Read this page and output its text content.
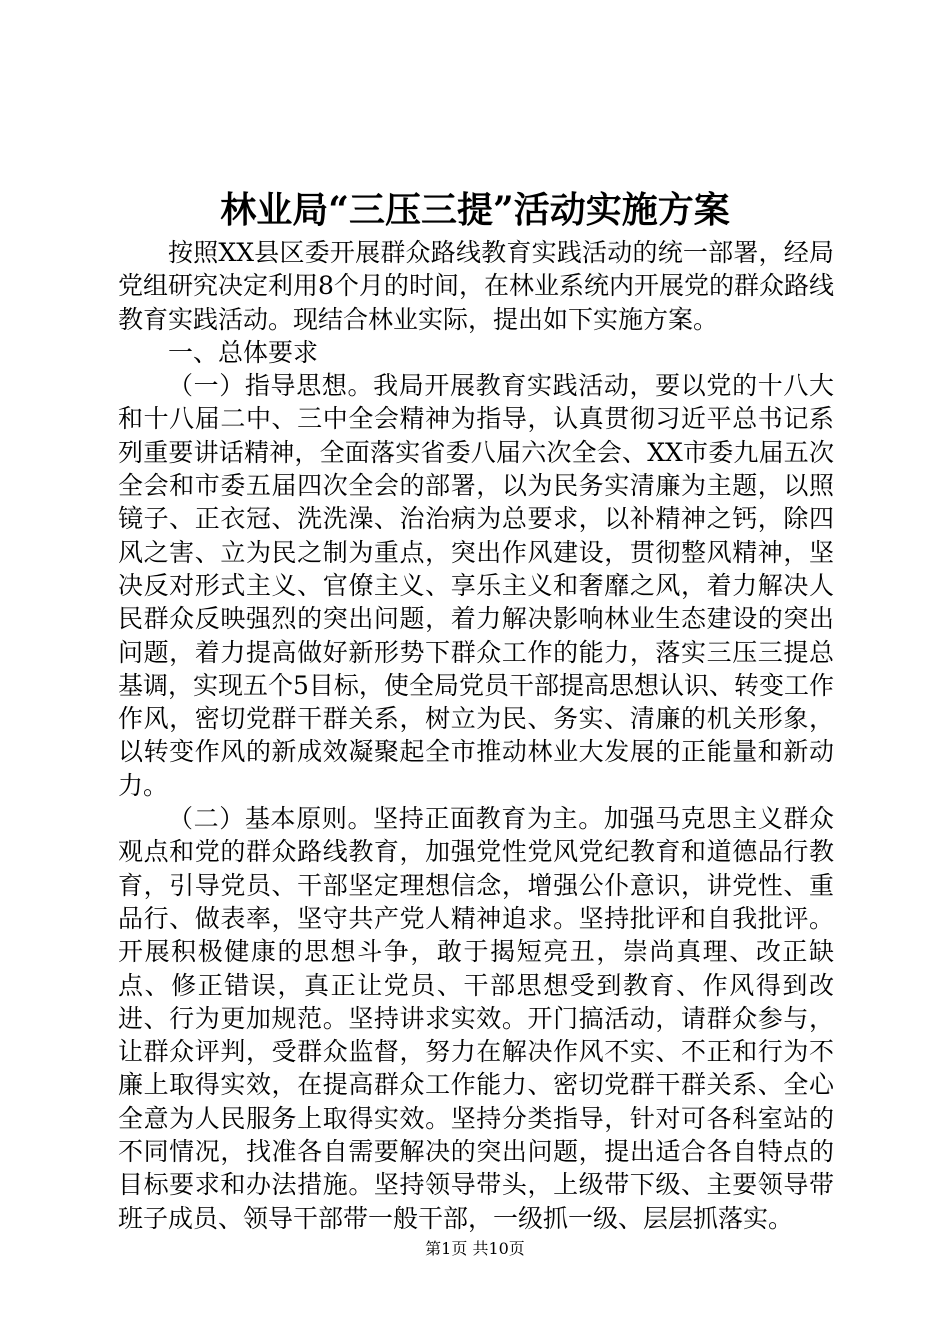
林业局“三压三提”活动实施方案

按照XX县区委开展群众路线教育实践活动的统一部署，经局党组研究决定利用8个月的时间，在林业系统内开展党的群众路线教育实践活动。现结合林业实际，提出如下实施方案。

一、总体要求

（一）指导思想。我局开展教育实践活动，要以党的十八大和十八届二中、三中全会精神为指导，认真贯彻习近平总书记系列重要讲话精神，全面落实省委八届六次全会、XX市委九届五次全会和市委五届四次全会的部署，以为民务实清廉为主题，以照镜子、正衣冠、洗洗澡、治治病为总要求，以补精神之钙，除四风之害、立为民之制为重点，突出作风建设，贯彻整风精神，坚决反对形式主义、官僚主义、享乐主义和奢靡之风，着力解决人民群众反映强烈的突出问题，着力解决影响林业生态建设的突出问题，着力提高做好新形势下群众工作的能力，落实三压三提总基调，实现五个5目标，使全局党员干部提高思想认识、转变工作作风，密切党群干群关系，树立为民、务实、清廉的机关形象，以转变作风的新成效凝聚起全市推动林业大发展的正能量和新动力。

（二）基本原则。坚持正面教育为主。加强马克思主义群众观点和党的群众路线教育，加强党性党风党纪教育和道德品行教育，引导党员、干部坚定理想信念，增强公仆意识，讲党性、重品行、做表率，坚守共产党人精神追求。坚持批评和自我批评。开展积极健康的思想斗争，敢于揭短亮丑，崇尚真理、改正缺点、修正错误，真正让党员、干部思想受到教育、作风得到改进、行为更加规范。坚持讲求实效。开门搞活动，请群众参与，让群众评判，受群众监督，努力在解决作风不实、不正和行为不廉上取得实效，在提高群众工作能力、密切党群干群关系、全心全意为人民服务上取得实效。坚持分类指导，针对可各科室站的不同情况，找准各自需要解决的突出问题，提出适合各自特点的目标要求和办法措施。坚持领导带头，上级带下级、主要领导带班子成员、领导干部带一般干部，一级抓一级、层层抓落实。

第1页 共10页
